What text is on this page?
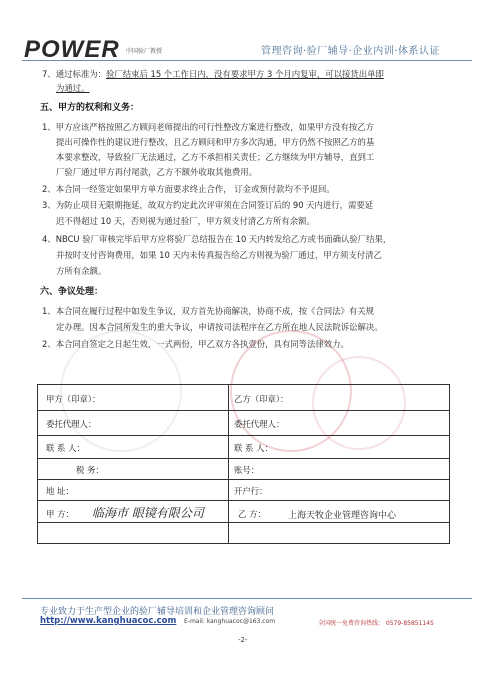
POWER 中国验厂教授	管理咨询·验厂辅导·企业内训·体系认证
7、通过标准为：验厂结束后 15 个工作日内，没有要求甲方 3 个月内复审，可以接货出单即
为通过。
五、甲方的权利和义务：
1、甲方应该严格按照乙方顾问老师提出的可行性整改方案进行整改，如果甲方没有按乙方
提出可操作性的建议进行整改，且乙方顾问和甲方多次沟通，甲方仍然不按照乙方的基
本要求整改，导致验厂无法通过，乙方不承担相关责任；乙方继续为甲方辅导，直到工
厂验厂通过甲方再付尾款，乙方不额外收取其他费用。
2、本合同一经签定如果甲方单方面要求终止合作， 订金或预付款均不予退回。
3、为防止项目无限期拖延，故双方约定此次评审须在合同签订后的 90 天内进行，需要延
迟不得超过 10 天，否则视为通过验厂，甲方须支付清乙方所有余额。
4、NBCU 验厂审核完毕后甲方应将验厂总结报告在 10 天内转发给乙方或书面确认验厂结果，
并按时支付咨询费用，如果 10 天内未传真报告给乙方则视为验厂通过，甲方须支付清乙
方所有余额。
六、争议处理：
1、本合同在履行过程中如发生争议，双方首先协商解决，协商不成，按《合同法》有关规
定办理。因本合同所发生的重大争议，申请按司法程序在乙方所在地人民法院诉讼解决。
2、本合同自签定之日起生效，一式两份，甲乙双方各执壹份，具有同等法律效力。
甲方（印章）：	乙方（印章）：
委托代理人：	委托代理人：
联 系 人：	联 系 人：
税 务：	账号：
地 址：	开户行：
甲 方： 临海市 眼镜有限公司	乙 方： 上海天牧企业管理咨询中心
专业致力于生产型企业的验厂辅导培训和企业管理咨询顾问
http://www.kanghuacoc.com E-mail: kanghuacoc@163.com	全国统一免费咨询热线： 0579-85851145
-2-
